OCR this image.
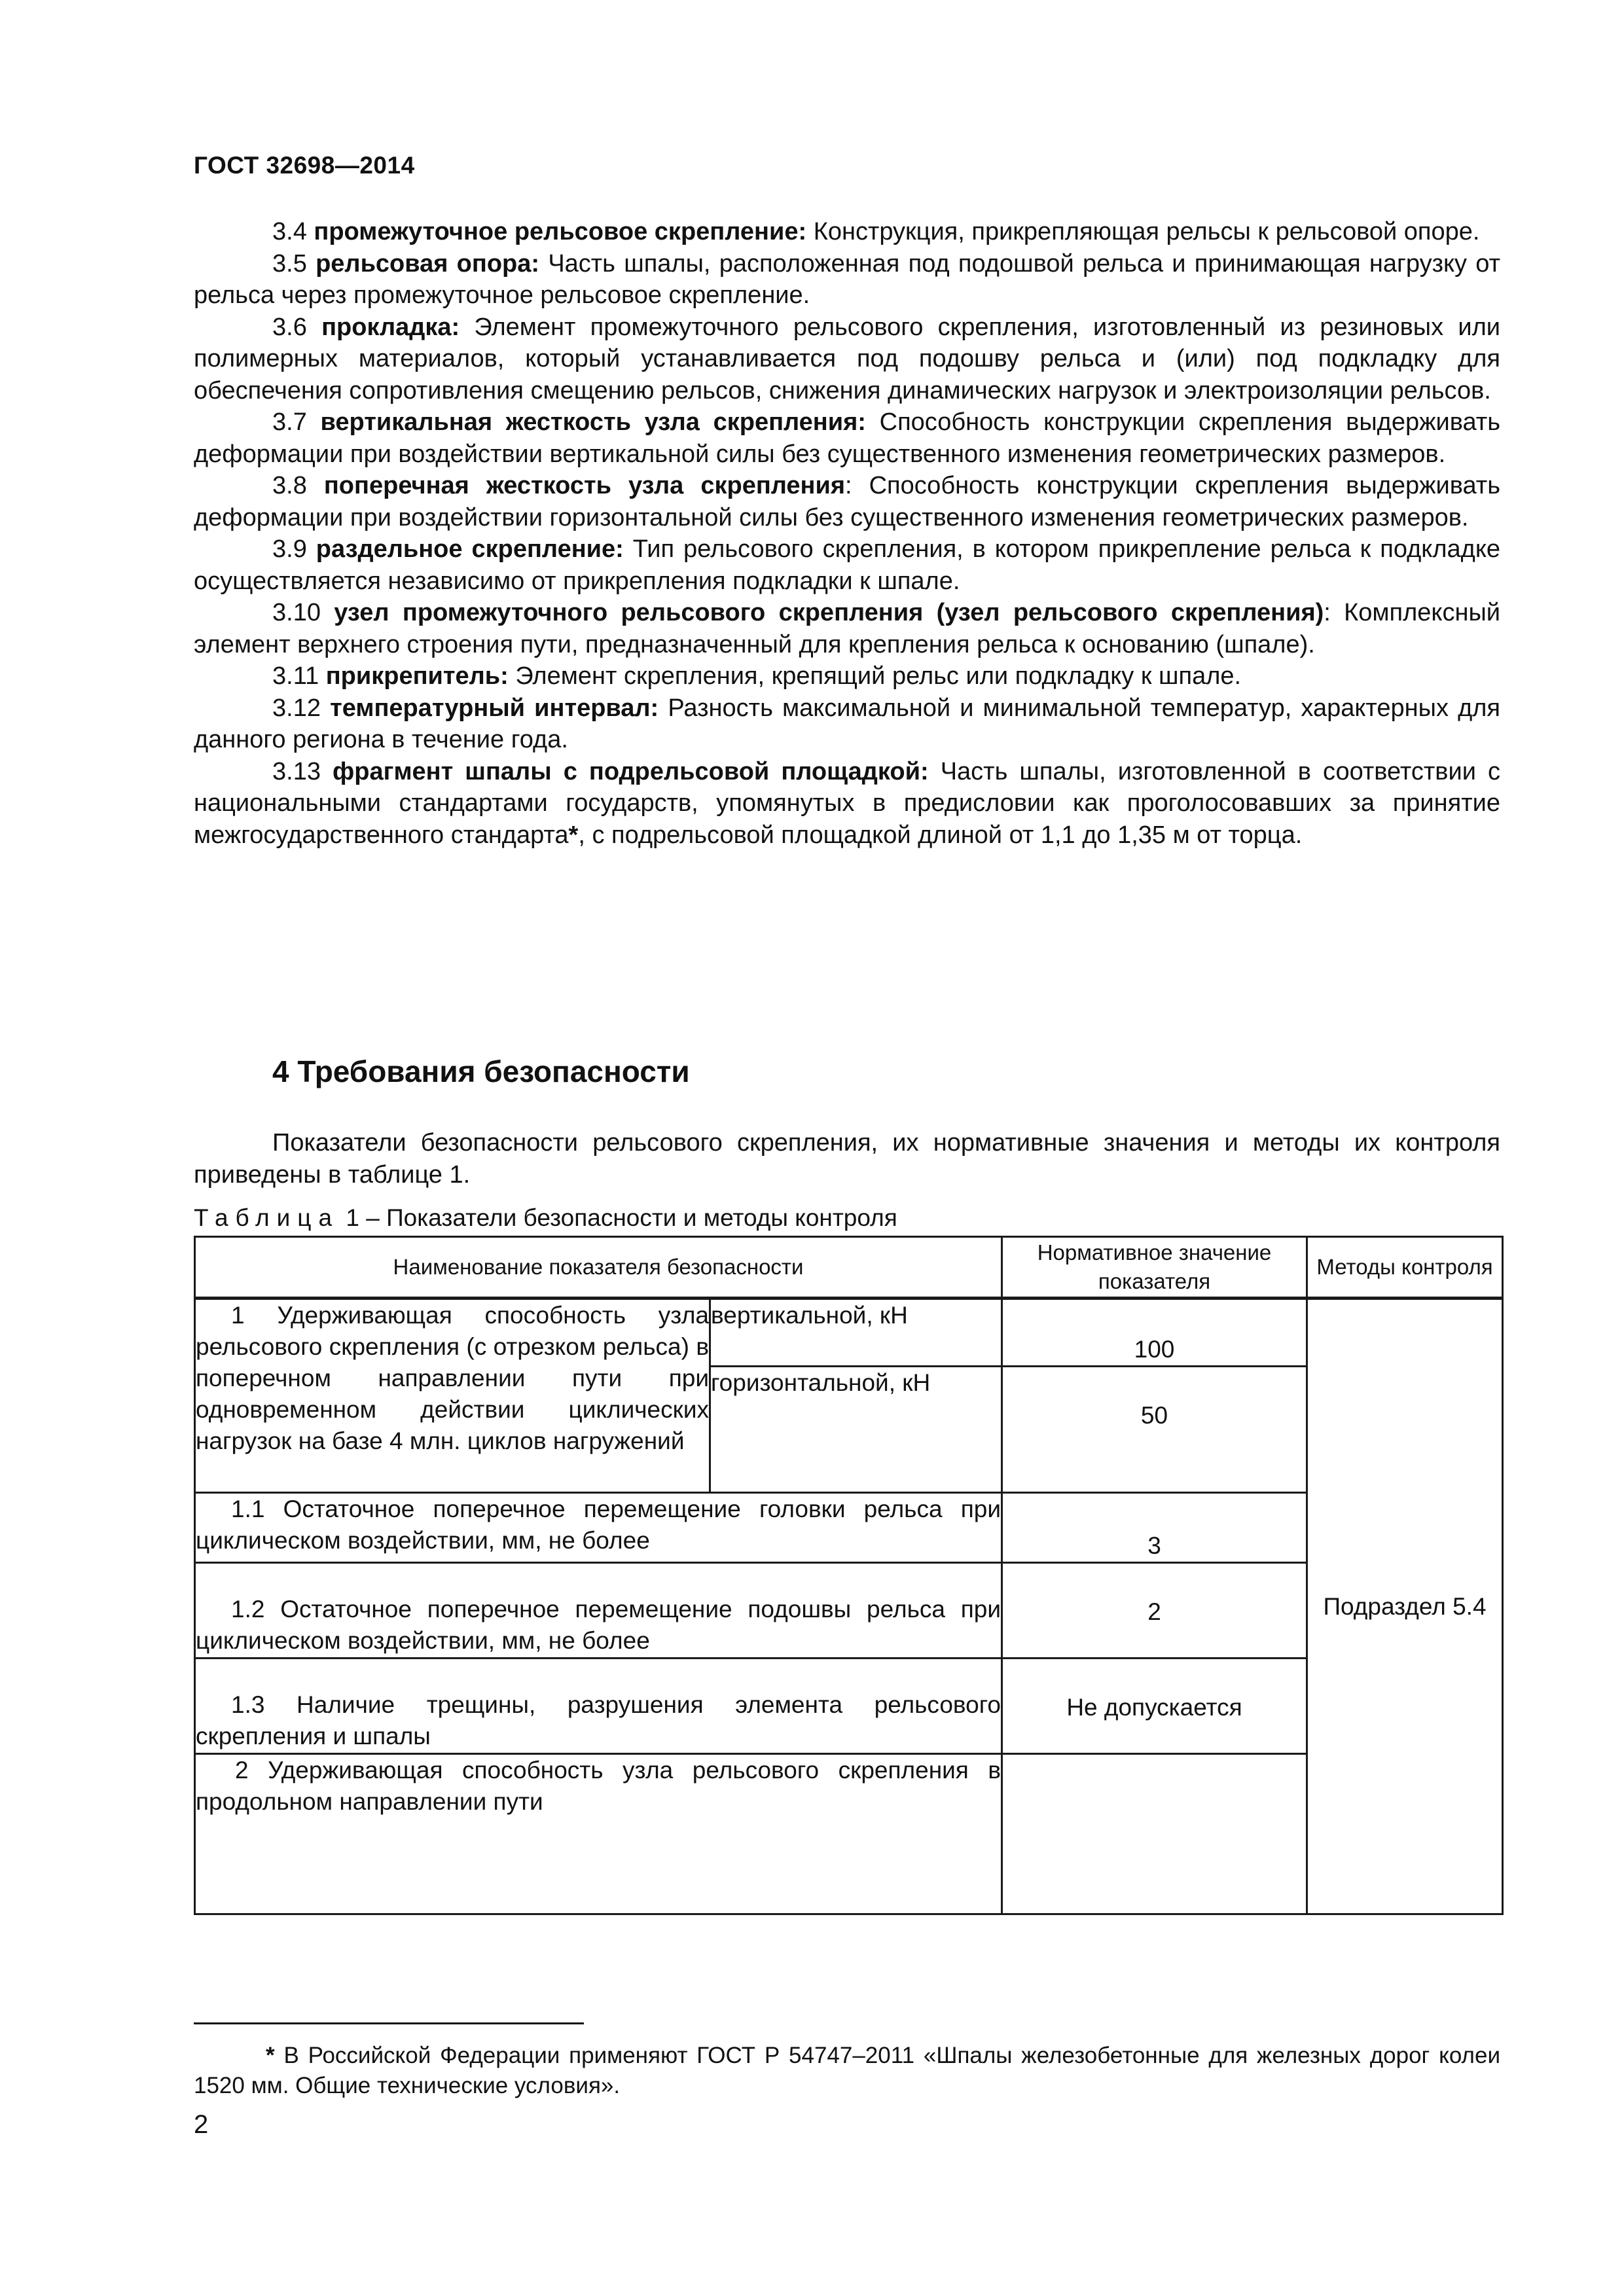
ГОСТ 32698—2014

3.4 промежуточное рельсовое скрепление: Конструкция, прикрепляющая рельсы к рельсовой опоре.

3.5 рельсовая опора: Часть шпалы, расположенная под подошвой рельса и принимающая нагрузку от рельса через промежуточное рельсовое скрепление.

3.6 прокладка: Элемент промежуточного рельсового скрепления, изготовленный из резиновых или полимерных материалов, который устанавливается под подошву рельса и (или) под подкладку для обеспечения сопротивления смещению рельсов, снижения динамических нагрузок и электроизоляции рельсов.

3.7 вертикальная жесткость узла скрепления: Способность конструкции скрепления выдерживать деформации при воздействии вертикальной силы без существенного изменения геометрических размеров.

3.8 поперечная жесткость узла скрепления: Способность конструкции скрепления выдерживать деформации при воздействии горизонтальной силы без существенного изменения геометрических размеров.

3.9 раздельное скрепление: Тип рельсового скрепления, в котором прикрепление рельса к подкладке осуществляется независимо от прикрепления подкладки к шпале.

3.10 узел промежуточного рельсового скрепления (узел рельсового скрепления): Комплексный элемент верхнего строения пути, предназначенный для крепления рельса к основанию (шпале).

3.11 прикрепитель: Элемент скрепления, крепящий рельс или подкладку к шпале.

3.12 температурный интервал: Разность максимальной и минимальной температур, характерных для данного региона в течение года.

3.13 фрагмент шпалы с подрельсовой площадкой: Часть шпалы, изготовленной в соответствии с национальными стандартами государств, упомянутых в предисловии как проголосовавших за принятие межгосударственного стандарта*, с подрельсовой площадкой длиной от 1,1 до 1,35 м от торца.

4 Требования безопасности

Показатели безопасности рельсового скрепления, их нормативные значения и методы их контроля приведены в таблице 1.

Таблица 1 – Показатели безопасности и методы контроля
Наименование показателя безопасности		Нормативное значение показателя	Методы контроля

1 Удерживающая способность узла рельсового скрепления (с отрезком рельса) в поперечном направлении пути при одновременном действии циклических нагрузок на базе 4 млн. циклов нагружений	вертикальной, кН	100	Подраздел 5.4
	горизонтальной, кН	50	

1.1 Остаточное поперечное перемещение головки рельса при циклическом воздействии, мм, не более		3	

1.2 Остаточное поперечное перемещение подошвы рельса при циклическом воздействии, мм, не более		2	

1.3 Наличие трещины, разрушения элемента рельсового скрепления и шпалы		Не допускается	

2 Удерживающая способность узла рельсового скрепления в продольном направлении пути			

* В Российской Федерации применяют ГОСТ Р 54747–2011 «Шпалы железобетонные для железных дорог колеи 1520 мм. Общие технические условия».

2
